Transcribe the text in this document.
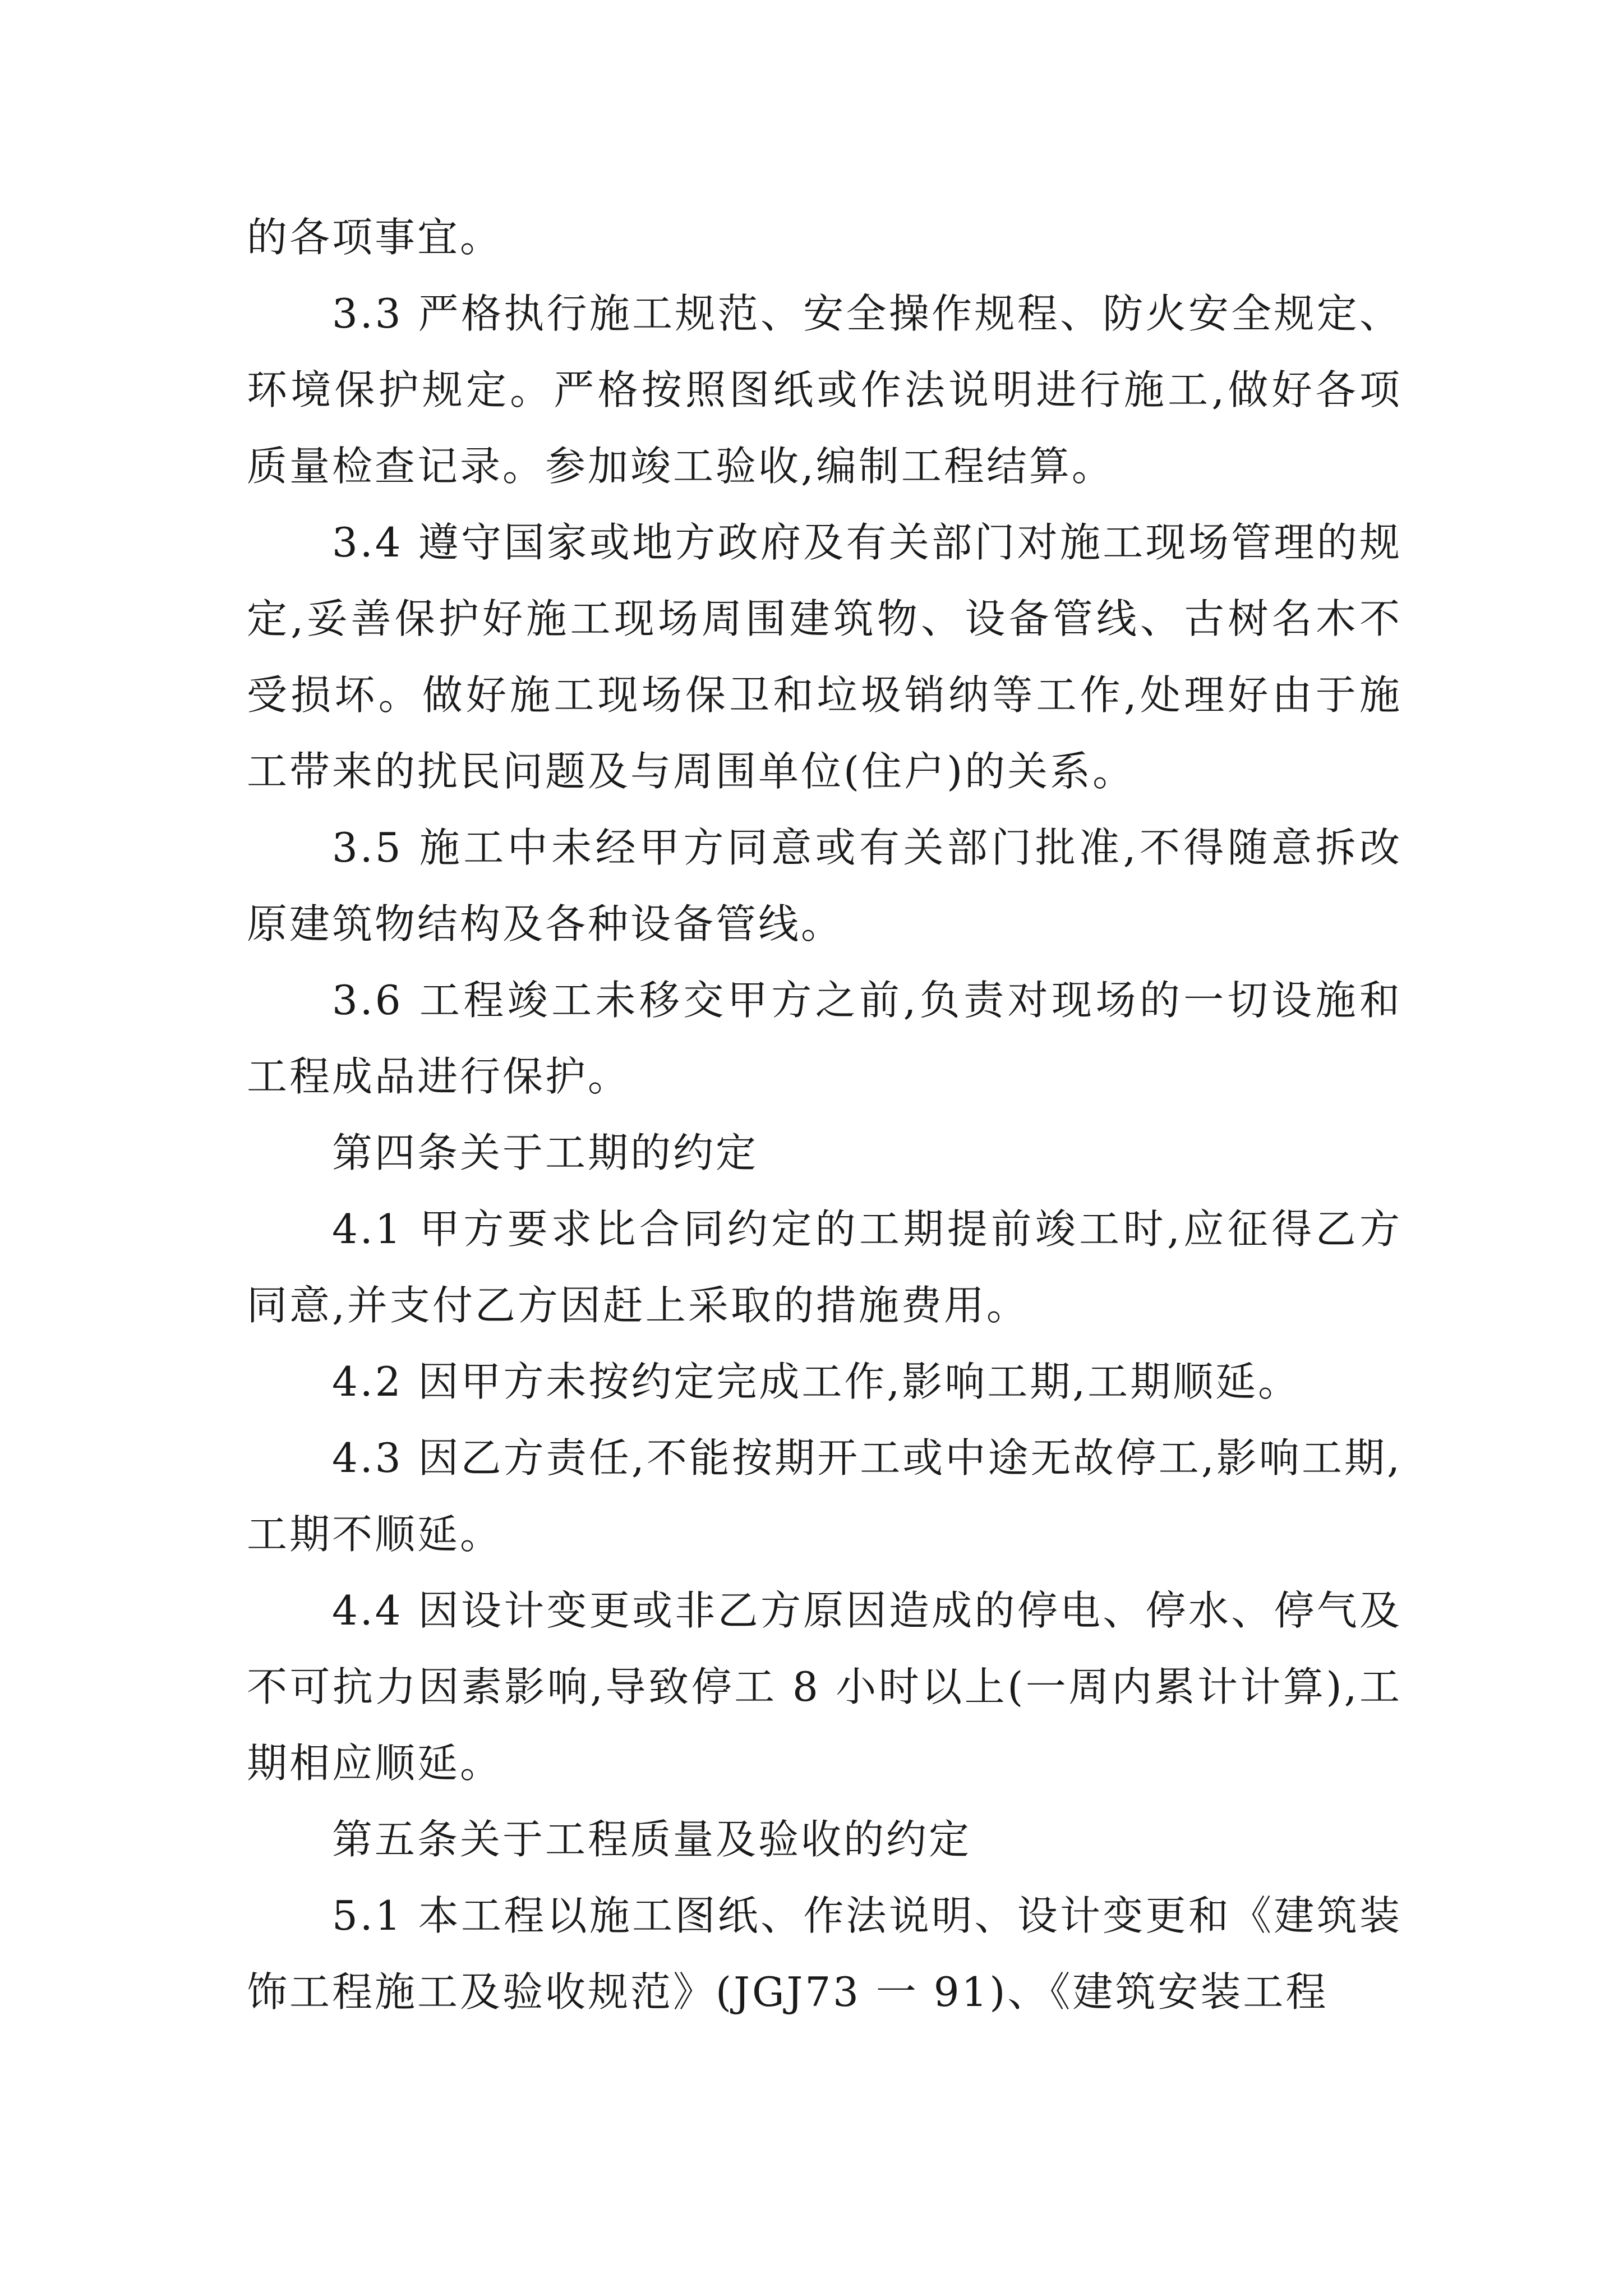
的各项事宜。

3.3 严格执行施工规范、安全操作规程、防火安全规定、环境保护规定。严格按照图纸或作法说明进行施工,做好各项质量检查记录。参加竣工验收,编制工程结算。

3.4 遵守国家或地方政府及有关部门对施工现场管理的规定,妥善保护好施工现场周围建筑物、设备管线、古树名木不受损坏。做好施工现场保卫和垃圾销纳等工作,处理好由于施工带来的扰民问题及与周围单位(住户)的关系。

3.5 施工中未经甲方同意或有关部门批准,不得随意拆改原建筑物结构及各种设备管线。

3.6 工程竣工未移交甲方之前,负责对现场的一切设施和工程成品进行保护。

第四条关于工期的约定

4.1 甲方要求比合同约定的工期提前竣工时,应征得乙方同意,并支付乙方因赶上采取的措施费用。

4.2 因甲方未按约定完成工作,影响工期,工期顺延。

4.3 因乙方责任,不能按期开工或中途无故停工,影响工期,工期不顺延。

4.4 因设计变更或非乙方原因造成的停电、停水、停气及不可抗力因素影响,导致停工 8 小时以上(一周内累计计算),工期相应顺延。

第五条关于工程质量及验收的约定

5.1 本工程以施工图纸、作法说明、设计变更和《建筑装饰工程施工及验收规范》(JGJ73 一 91)、《建筑安装工程
